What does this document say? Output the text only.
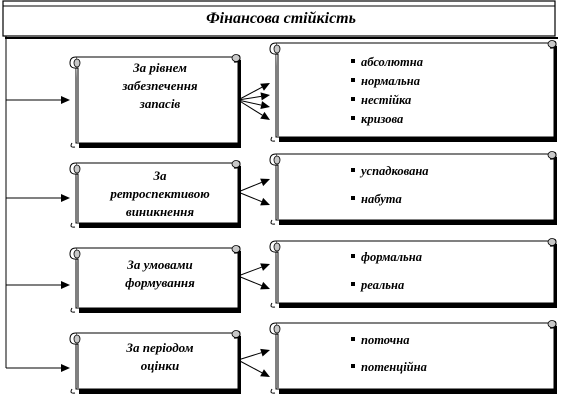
Фінансова стійкість
За рівнем
забезпечення
запасів
абсолютна
нормальна
нестійка
кризова
За
ретроспективою
виникнення
успадкована
набута
За умовами
формування
формальна
реальна
За періодом
оцінки
поточна
потенційна
